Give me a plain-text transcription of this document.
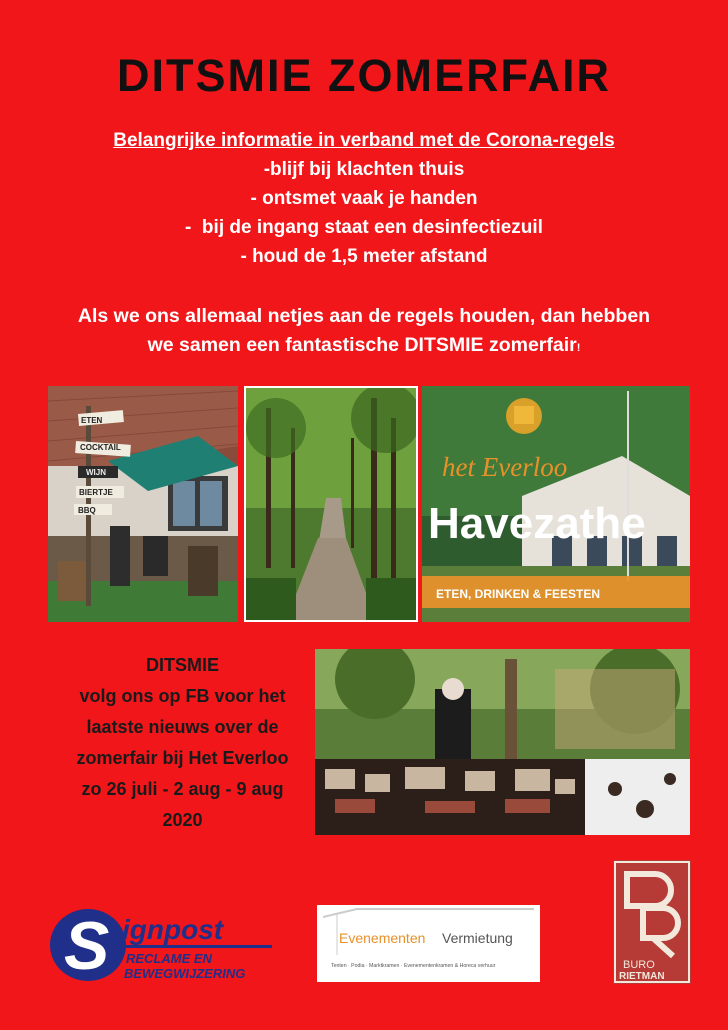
DITSMIE ZOMERFAIR
Belangrijke informatie in verband met de Corona-regels
-blijf bij klachten thuis
- ontsmet vaak je handen
-  bij de ingang staat een desinfectiezuil
- houd de 1,5 meter afstand
Als we ons allemaal netjes aan de regels houden, dan hebben
we samen een fantastische DITSMIE zomerfair!
ETEN
COCKTAIL
WIJN
BIERTJE
BBQ
het Everloo
Havezathe
ETEN, DRINKEN & FEESTEN
DITSMIE
volg ons op FB voor het
laatste nieuws over de
zomerfair bij Het Everloo
zo 26 juli - 2 aug - 9 aug
2020
S ignpost
RECLAME EN
BEWEGWIJZERING
Evenementen Vermietung
Tenten · Podia · Marktkramen · Evenementenkramen & Horeca verhuur	BURO
RIETMAN
